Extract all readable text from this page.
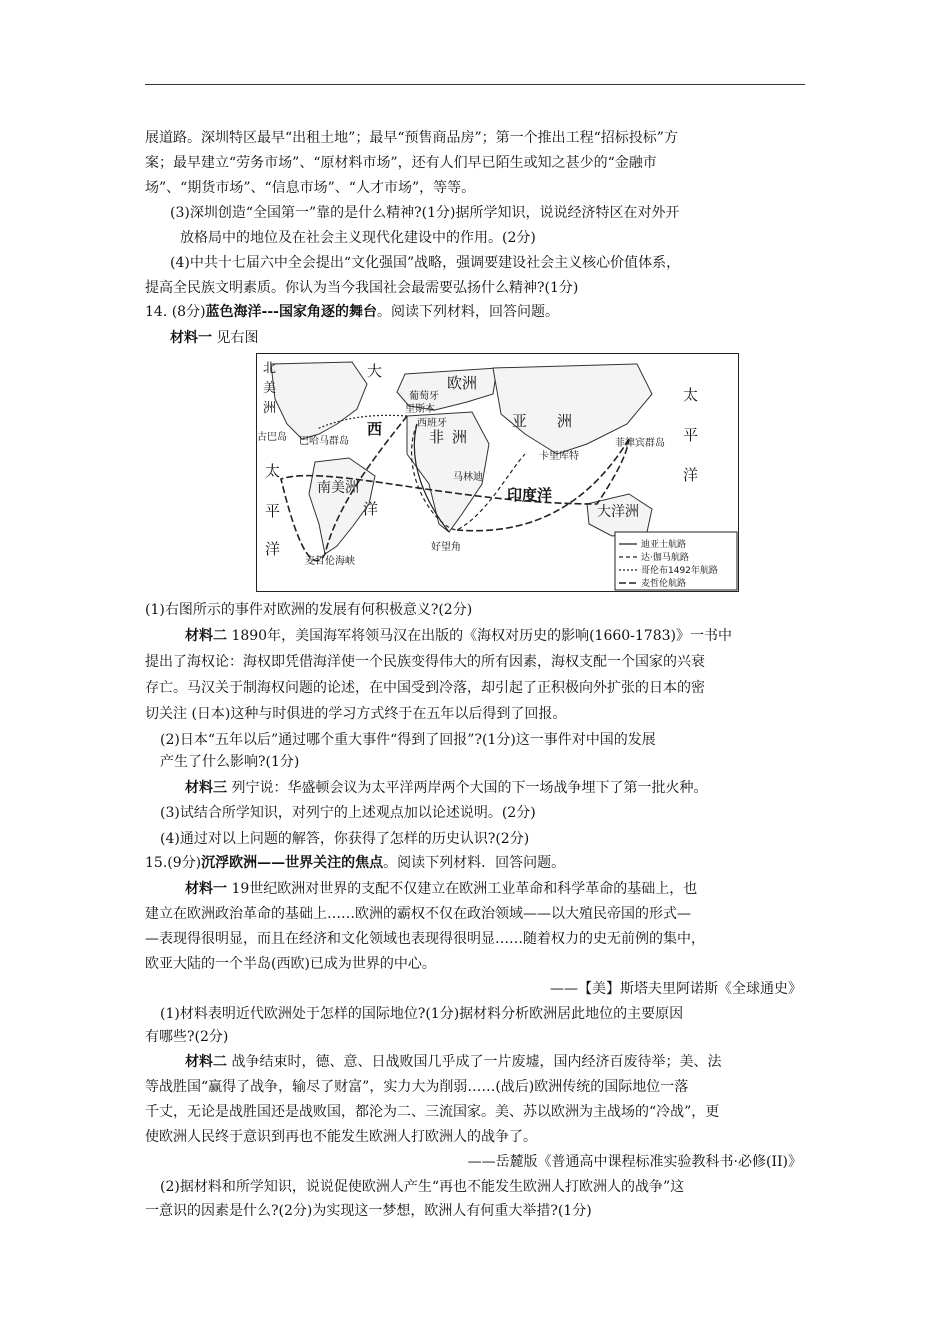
展道路。深圳特区最早“出租土地”；最早“预售商品房”；第一个推出工程“招标投标”方
案；最早建立“劳务市场”、“原材料市场”，还有人们早已陌生或知之甚少的“金融市
场”、“期货市场”、“信息市场”、“人才市场”，等等。
(3)深圳创造“全国第一”靠的是什么精神?(1分)据所学知识，说说经济特区在对外开
放格局中的地位及在社会主义现代化建设中的作用。(2分)
(4)中共十七届六中全会提出“文化强国”战略，强调要建设社会主义核心价值体系，
提高全民族文明素质。你认为当今我国社会最需要弘扬什么精神?(1分)
14. (8分)蓝色海洋---国家角逐的舞台。阅读下列材料，回答问题。
材料一 见右图
北
美
洲
大
欧洲
葡萄牙
里斯本
西班牙
古巴岛 巴哈马群岛
西	非 洲
亚 洲
太
平
洋
菲律宾群岛
卡里库特
马林迪
印度洋
太
平
洋
南美洲
洋	大洋洲
好望角
麦哲伦海峡
迪亚士航路
达·伽马航路
哥伦布1492年航路
麦哲伦航路
(1)右图所示的事件对欧洲的发展有何积极意义?(2分)
材料二 1890年，美国海军将领马汉在出版的《海权对历史的影响(1660-1783)》一书中
提出了海权论：海权即凭借海洋使一个民族变得伟大的所有因素，海权支配一个国家的兴衰
存亡。马汉关于制海权问题的论述，在中国受到冷落，却引起了正积极向外扩张的日本的密
切关注 (日本)这种与时俱进的学习方式终于在五年以后得到了回报。
(2)日本“五年以后”通过哪个重大事件“得到了回报”?(1分)这一事件对中国的发展
产生了什么影响?(1分)
材料三 列宁说：华盛顿会议为太平洋两岸两个大国的下一场战争埋下了第一批火种。
(3)试结合所学知识，对列宁的上述观点加以论述说明。(2分)
(4)通过对以上问题的解答，你获得了怎样的历史认识?(2分)
15.(9分)沉浮欧洲——世界关注的焦点。阅读下列材料．回答问题。
材料一 19世纪欧洲对世界的支配不仅建立在欧洲工业革命和科学革命的基础上，也
建立在欧洲政治革命的基础上……欧洲的霸权不仅在政治领域——以大殖民帝国的形式—
—表现得很明显，而且在经济和文化领域也表现得很明显……随着权力的史无前例的集中，
欧亚大陆的一个半岛(西欧)已成为世界的中心。
——【美】斯塔夫里阿诺斯《全球通史》
(1)材料表明近代欧洲处于怎样的国际地位?(1分)据材料分析欧洲居此地位的主要原因
有哪些?(2分)
材料二 战争结束时，德、意、日战败国几乎成了一片废墟，国内经济百废待举；美、法
等战胜国“赢得了战争，输尽了财富”，实力大为削弱……(战后)欧洲传统的国际地位一落
千丈，无论是战胜国还是战败国，都沦为二、三流国家。美、苏以欧洲为主战场的“冷战”，更
使欧洲人民终于意识到再也不能发生欧洲人打欧洲人的战争了。
——岳麓版《普通高中课程标准实验教科书·必修(II)》
(2)据材料和所学知识，说说促使欧洲人产生“再也不能发生欧洲人打欧洲人的战争”这
一意识的因素是什么?(2分)为实现这一梦想，欧洲人有何重大举措?(1分)
